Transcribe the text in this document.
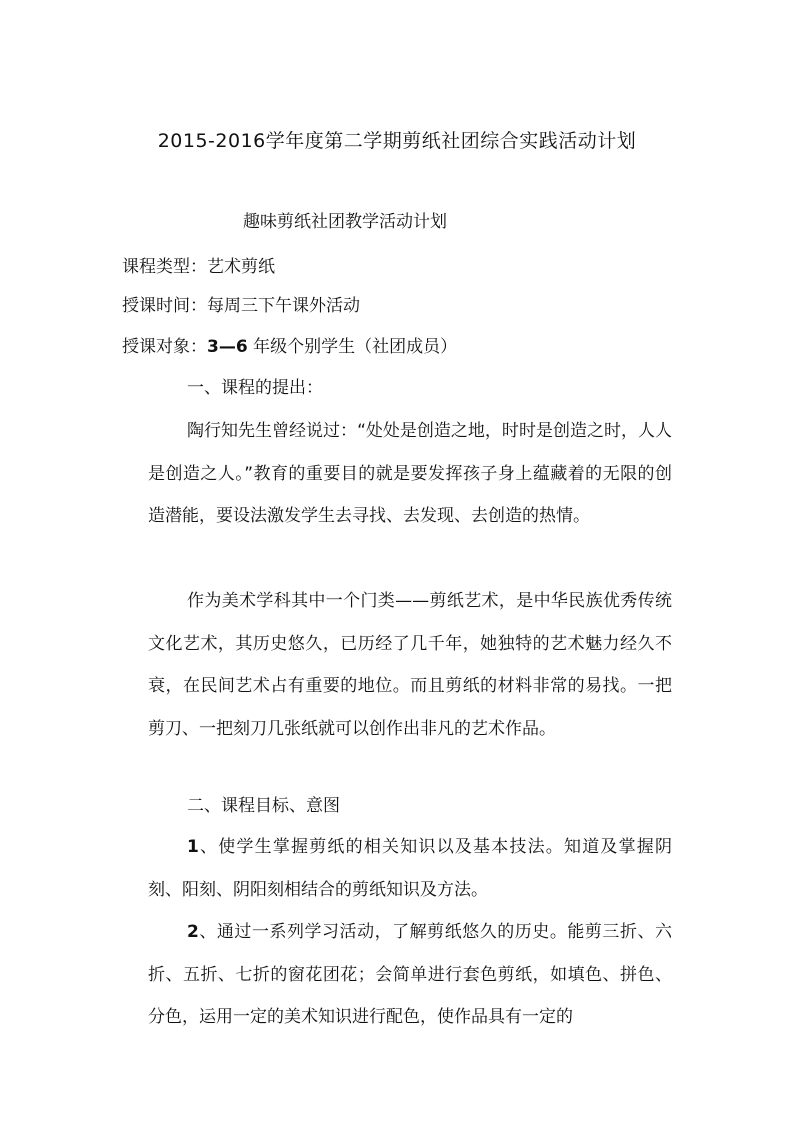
2015-2016学年度第二学期剪纸社团综合实践活动计划
趣味剪纸社团教学活动计划
课程类型：艺术剪纸
授课时间：每周三下午课外活动
授课对象：3—6 年级个别学生（社团成员）
一、课程的提出：
陶行知先生曾经说过：“处处是创造之地，时时是创造之时，人人是创造之人。”教育的重要目的就是要发挥孩子身上蕴藏着的无限的创造潜能，要设法激发学生去寻找、去发现、去创造的热情。
作为美术学科其中一个门类——剪纸艺术，是中华民族优秀传统文化艺术，其历史悠久，已历经了几千年，她独特的艺术魅力经久不衰，在民间艺术占有重要的地位。而且剪纸的材料非常的易找。一把剪刀、一把刻刀几张纸就可以创作出非凡的艺术作品。
二、课程目标、意图
1、使学生掌握剪纸的相关知识以及基本技法。知道及掌握阴刻、阳刻、阴阳刻相结合的剪纸知识及方法。
2、通过一系列学习活动，了解剪纸悠久的历史。能剪三折、六折、五折、七折的窗花团花；会简单进行套色剪纸，如填色、拼色、分色，运用一定的美术知识进行配色，使作品具有一定的
